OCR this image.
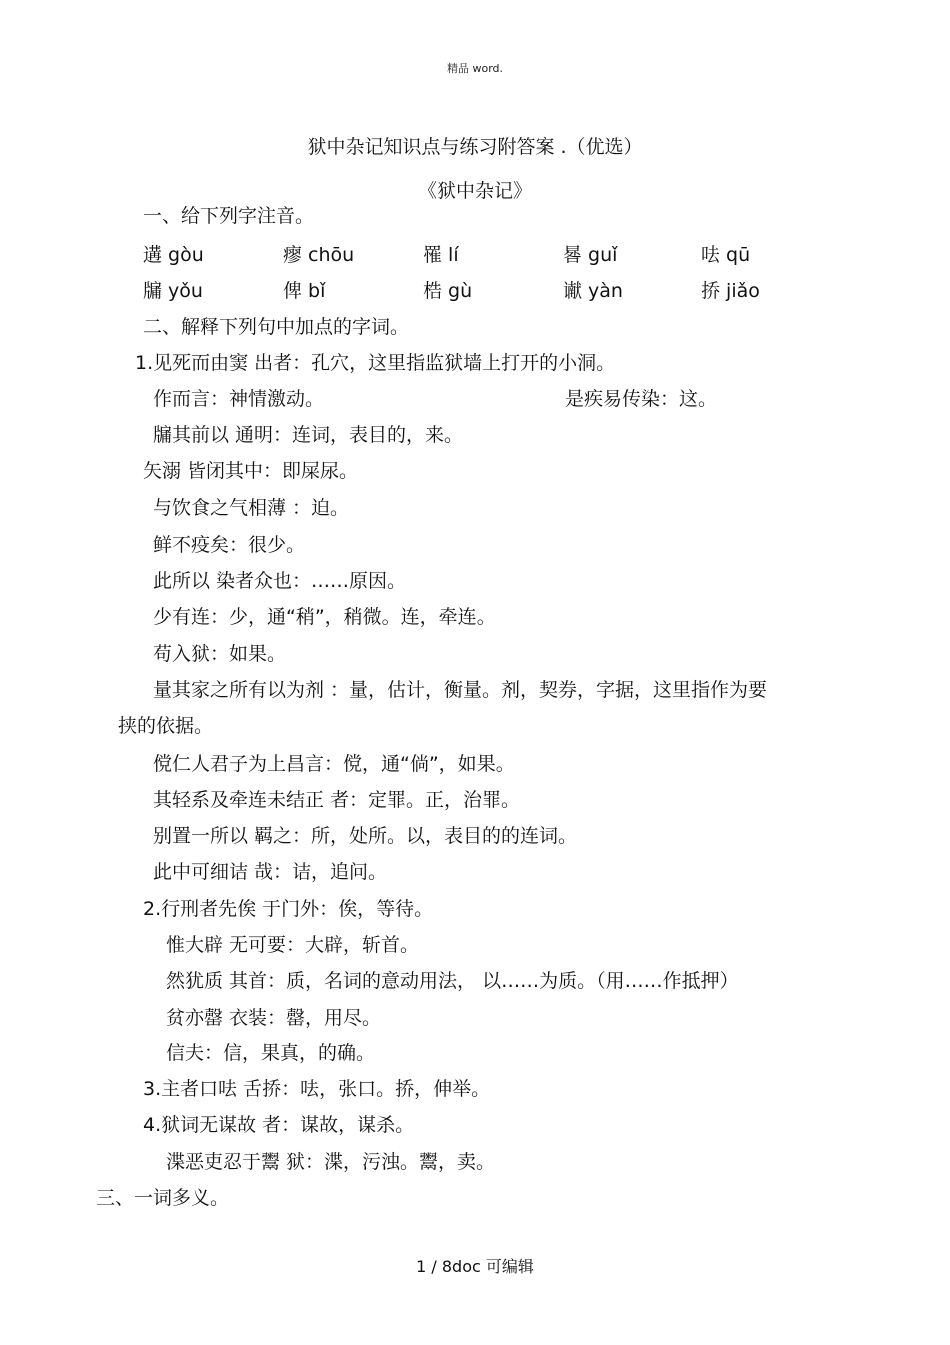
精品 word.
狱中杂记知识点与练习附答案 .（优选）
《狱中杂记》
一、给下列字注音。
遘 gòu	瘳 chōu	罹 lí	晷 guǐ	呿 qū
牖 yǒu	俾 bǐ	梏 gù	谳 yàn	挢 jiǎo
二、解释下列句中加点的字词。
1.见死而由窦 出者：孔穴，这里指监狱墙上打开的小洞。
作而言：神情激动。	是疾易传染：这。
牖其前以 通明：连词，表目的，来。
矢溺 皆闭其中：即屎尿。
与饮食之气相薄 ：迫。
鲜不疫矣：很少。
此所以 染者众也：……原因。
少有连：少，通“稍”，稍微。连，牵连。
苟入狱：如果。
量其家之所有以为剂 ：量，估计，衡量。剂，契券，字据，这里指作为要
挟的依据。
傥仁人君子为上昌言：傥，通“倘”，如果。
其轻系及牵连未结正 者：定罪。正，治罪。
别置一所以 羁之：所，处所。以，表目的的连词。
此中可细诘 哉：诘，追问。
2.行刑者先俟 于门外：俟，等待。
惟大辟 无可要：大辟，斩首。
然犹质 其首：质，名词的意动用法， 以……为质。（用……作抵押）
贫亦罄 衣装：罄，用尽。
信夫：信，果真，的确。
3.主者口呿 舌挢：呿，张口。挢，伸举。
4.狱词无谋故 者：谋故，谋杀。
渫恶吏忍于鬻 狱：渫，污浊。鬻，卖。
三、一词多义。
1 / 8doc 可编辑
